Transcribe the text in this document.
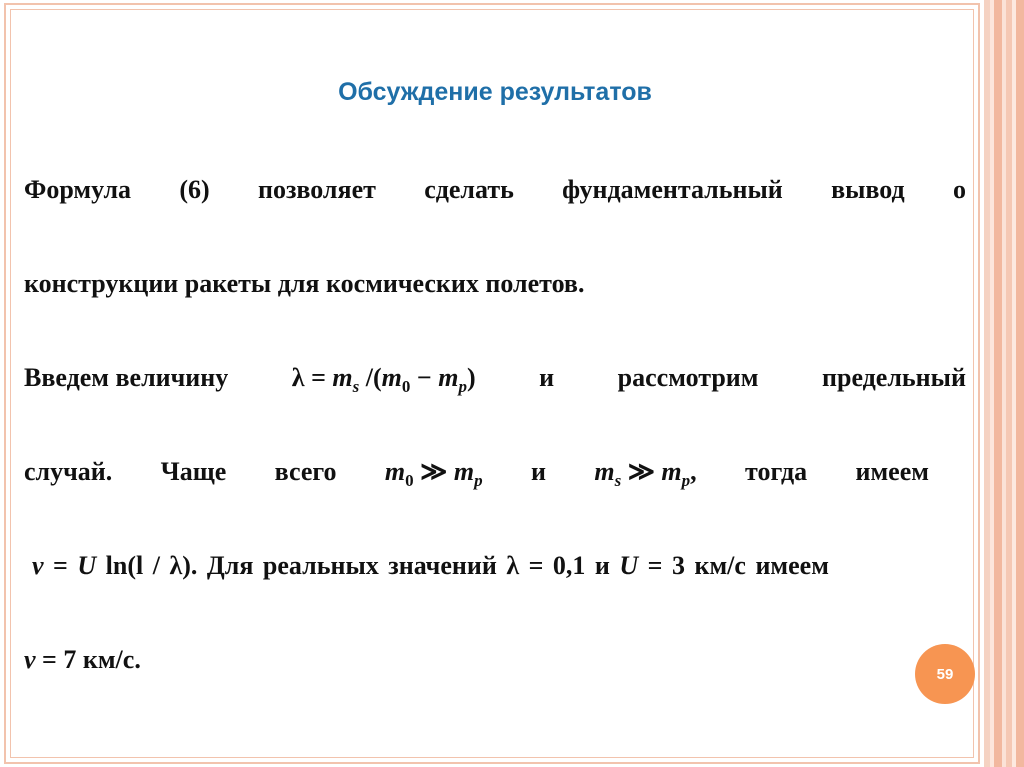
Обсуждение результатов
Формула (6) позволяет сделать фундаментальный вывод о
конструкции ракеты для космических полетов.
Введем величину $\lambda = m_s$ $/(m_0 - m_p)$ и рассмотрим предельный
случай. Чаще всего $m_0$ ≫ $m_p$ и $m_s$ ≫ $m_p$, тогда имеем
v = U ln(l / λ). Для реальных значений λ = 0,1 и U = 3 км/с имеем
v = 7 км/с.	59
